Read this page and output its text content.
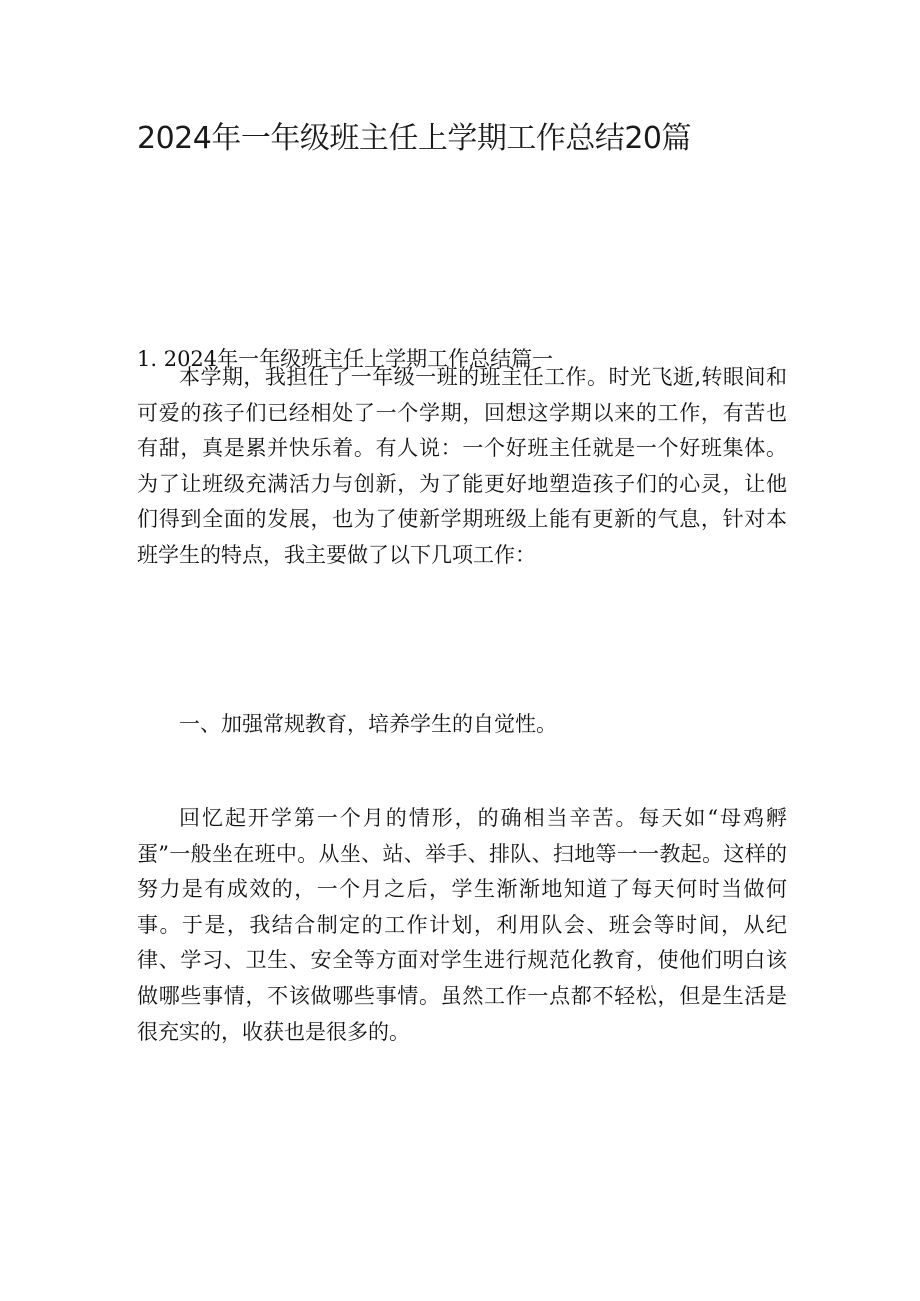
2024年一年级班主任上学期工作总结20篇
1. 2024年一年级班主任上学期工作总结篇一

本学期，我担任了一年级一班的班主任工作。时光飞逝,转眼间和可爱的孩子们已经相处了一个学期，回想这学期以来的工作，有苦也有甜，真是累并快乐着。有人说：一个好班主任就是一个好班集体。为了让班级充满活力与创新，为了能更好地塑造孩子们的心灵，让他们得到全面的发展，也为了使新学期班级上能有更新的气息，针对本班学生的特点，我主要做了以下几项工作：

一、加强常规教育，培养学生的自觉性。

回忆起开学第一个月的情形，的确相当辛苦。每天如“母鸡孵蛋”一般坐在班中。从坐、站、举手、排队、扫地等一一教起。这样的努力是有成效的，一个月之后，学生渐渐地知道了每天何时当做何事。于是，我结合制定的工作计划，利用队会、班会等时间，从纪律、学习、卫生、安全等方面对学生进行规范化教育，使他们明白该做哪些事情，不该做哪些事情。虽然工作一点都不轻松，但是生活是很充实的，收获也是很多的。
